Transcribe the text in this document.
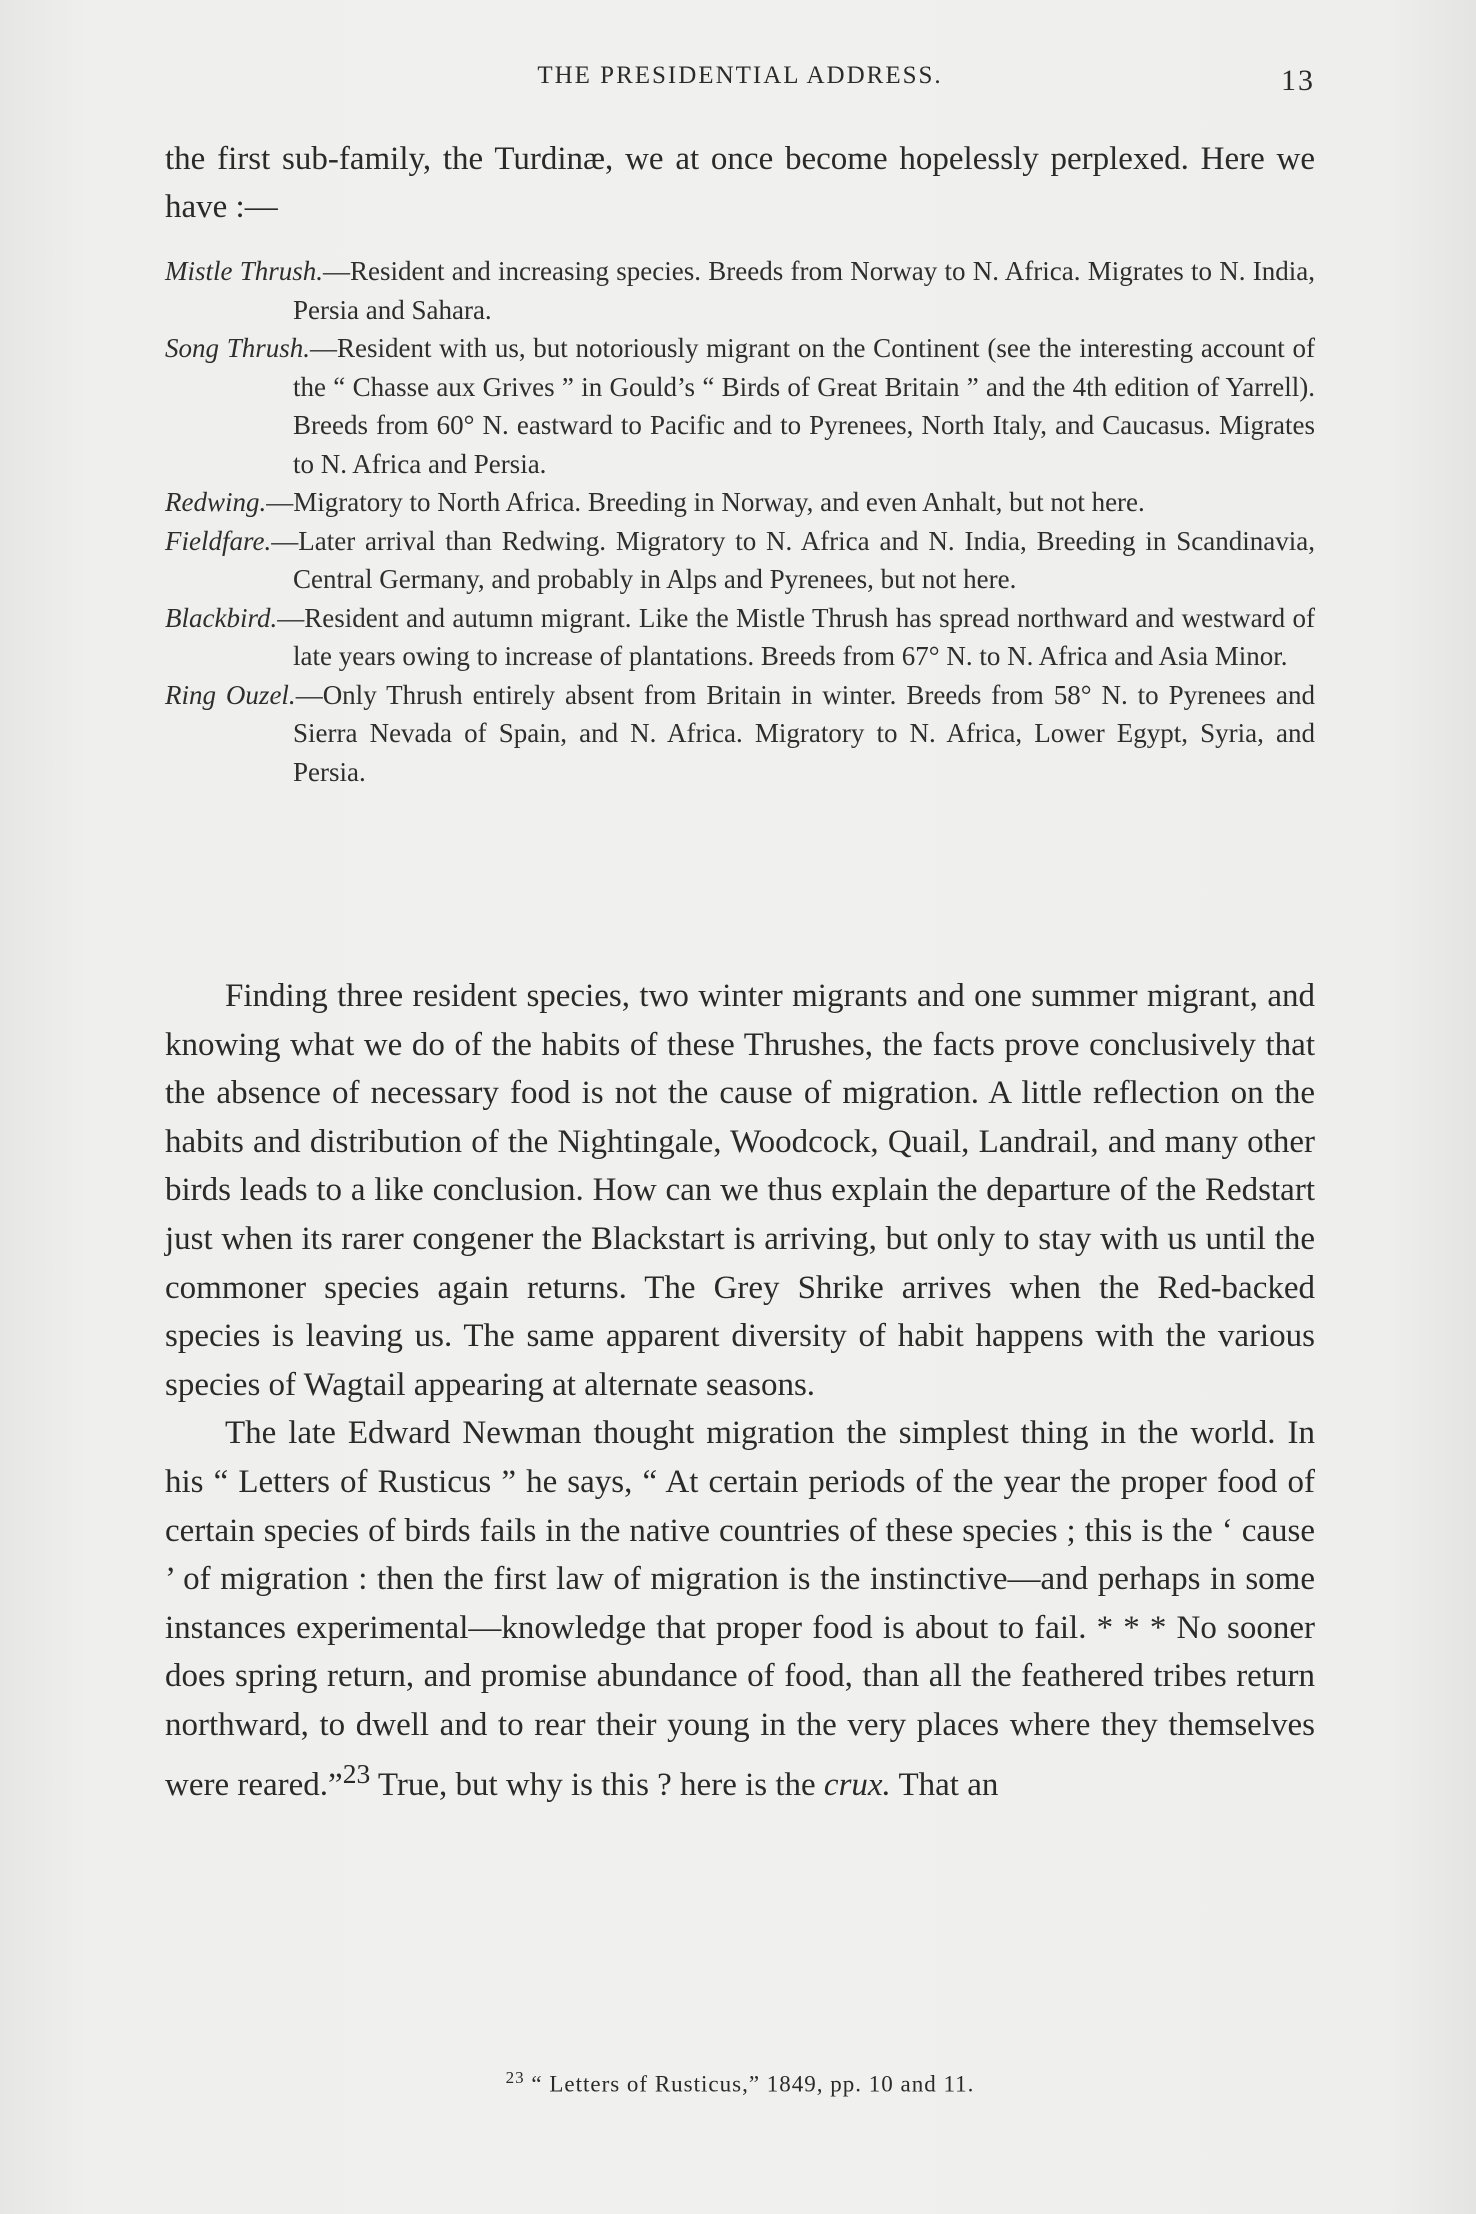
THE PRESIDENTIAL ADDRESS.	13

the first sub-family, the Turdinæ, we at once become hopelessly perplexed. Here we have :—

Mistle Thrush.—Resident and increasing species. Breeds from Norway to N. Africa. Migrates to N. India, Persia and Sahara.

Song Thrush.—Resident with us, but notoriously migrant on the Continent (see the interesting account of the “ Chasse aux Grives ” in Gould’s “ Birds of Great Britain ” and the 4th edition of Yarrell). Breeds from 60° N. eastward to Pacific and to Pyrenees, North Italy, and Caucasus. Migrates to N. Africa and Persia.

Redwing.—Migratory to North Africa. Breeding in Norway, and even Anhalt, but not here.

Fieldfare.—Later arrival than Redwing. Migratory to N. Africa and N. India, Breeding in Scandinavia, Central Germany, and probably in Alps and Pyrenees, but not here.

Blackbird.—Resident and autumn migrant. Like the Mistle Thrush has spread northward and westward of late years owing to increase of plantations. Breeds from 67° N. to N. Africa and Asia Minor.

Ring Ouzel.—Only Thrush entirely absent from Britain in winter. Breeds from 58° N. to Pyrenees and Sierra Nevada of Spain, and N. Africa. Migratory to N. Africa, Lower Egypt, Syria, and Persia.

Finding three resident species, two winter migrants and one summer migrant, and knowing what we do of the habits of these Thrushes, the facts prove conclusively that the absence of necessary food is not the cause of migration. A little reflection on the habits and distribution of the Nightingale, Woodcock, Quail, Landrail, and many other birds leads to a like conclusion. How can we thus explain the departure of the Redstart just when its rarer congener the Blackstart is arriving, but only to stay with us until the commoner species again returns. The Grey Shrike arrives when the Red-backed species is leaving us. The same apparent diversity of habit happens with the various species of Wagtail appearing at alternate seasons.

The late Edward Newman thought migration the simplest thing in the world. In his “ Letters of Rusticus ” he says, “ At certain periods of the year the proper food of certain species of birds fails in the native countries of these species ; this is the ‘ cause ’ of migration : then the first law of migration is the instinctive—and perhaps in some instances experimental—knowledge that proper food is about to fail. * * * No sooner does spring return, and promise abundance of food, than all the feathered tribes return northward, to dwell and to rear their young in the very places where they themselves were reared.”$^{23}$ True, but why is this ? here is the crux. That an

$^{23}$ “ Letters of Rusticus,” 1849, pp. 10 and 11.
